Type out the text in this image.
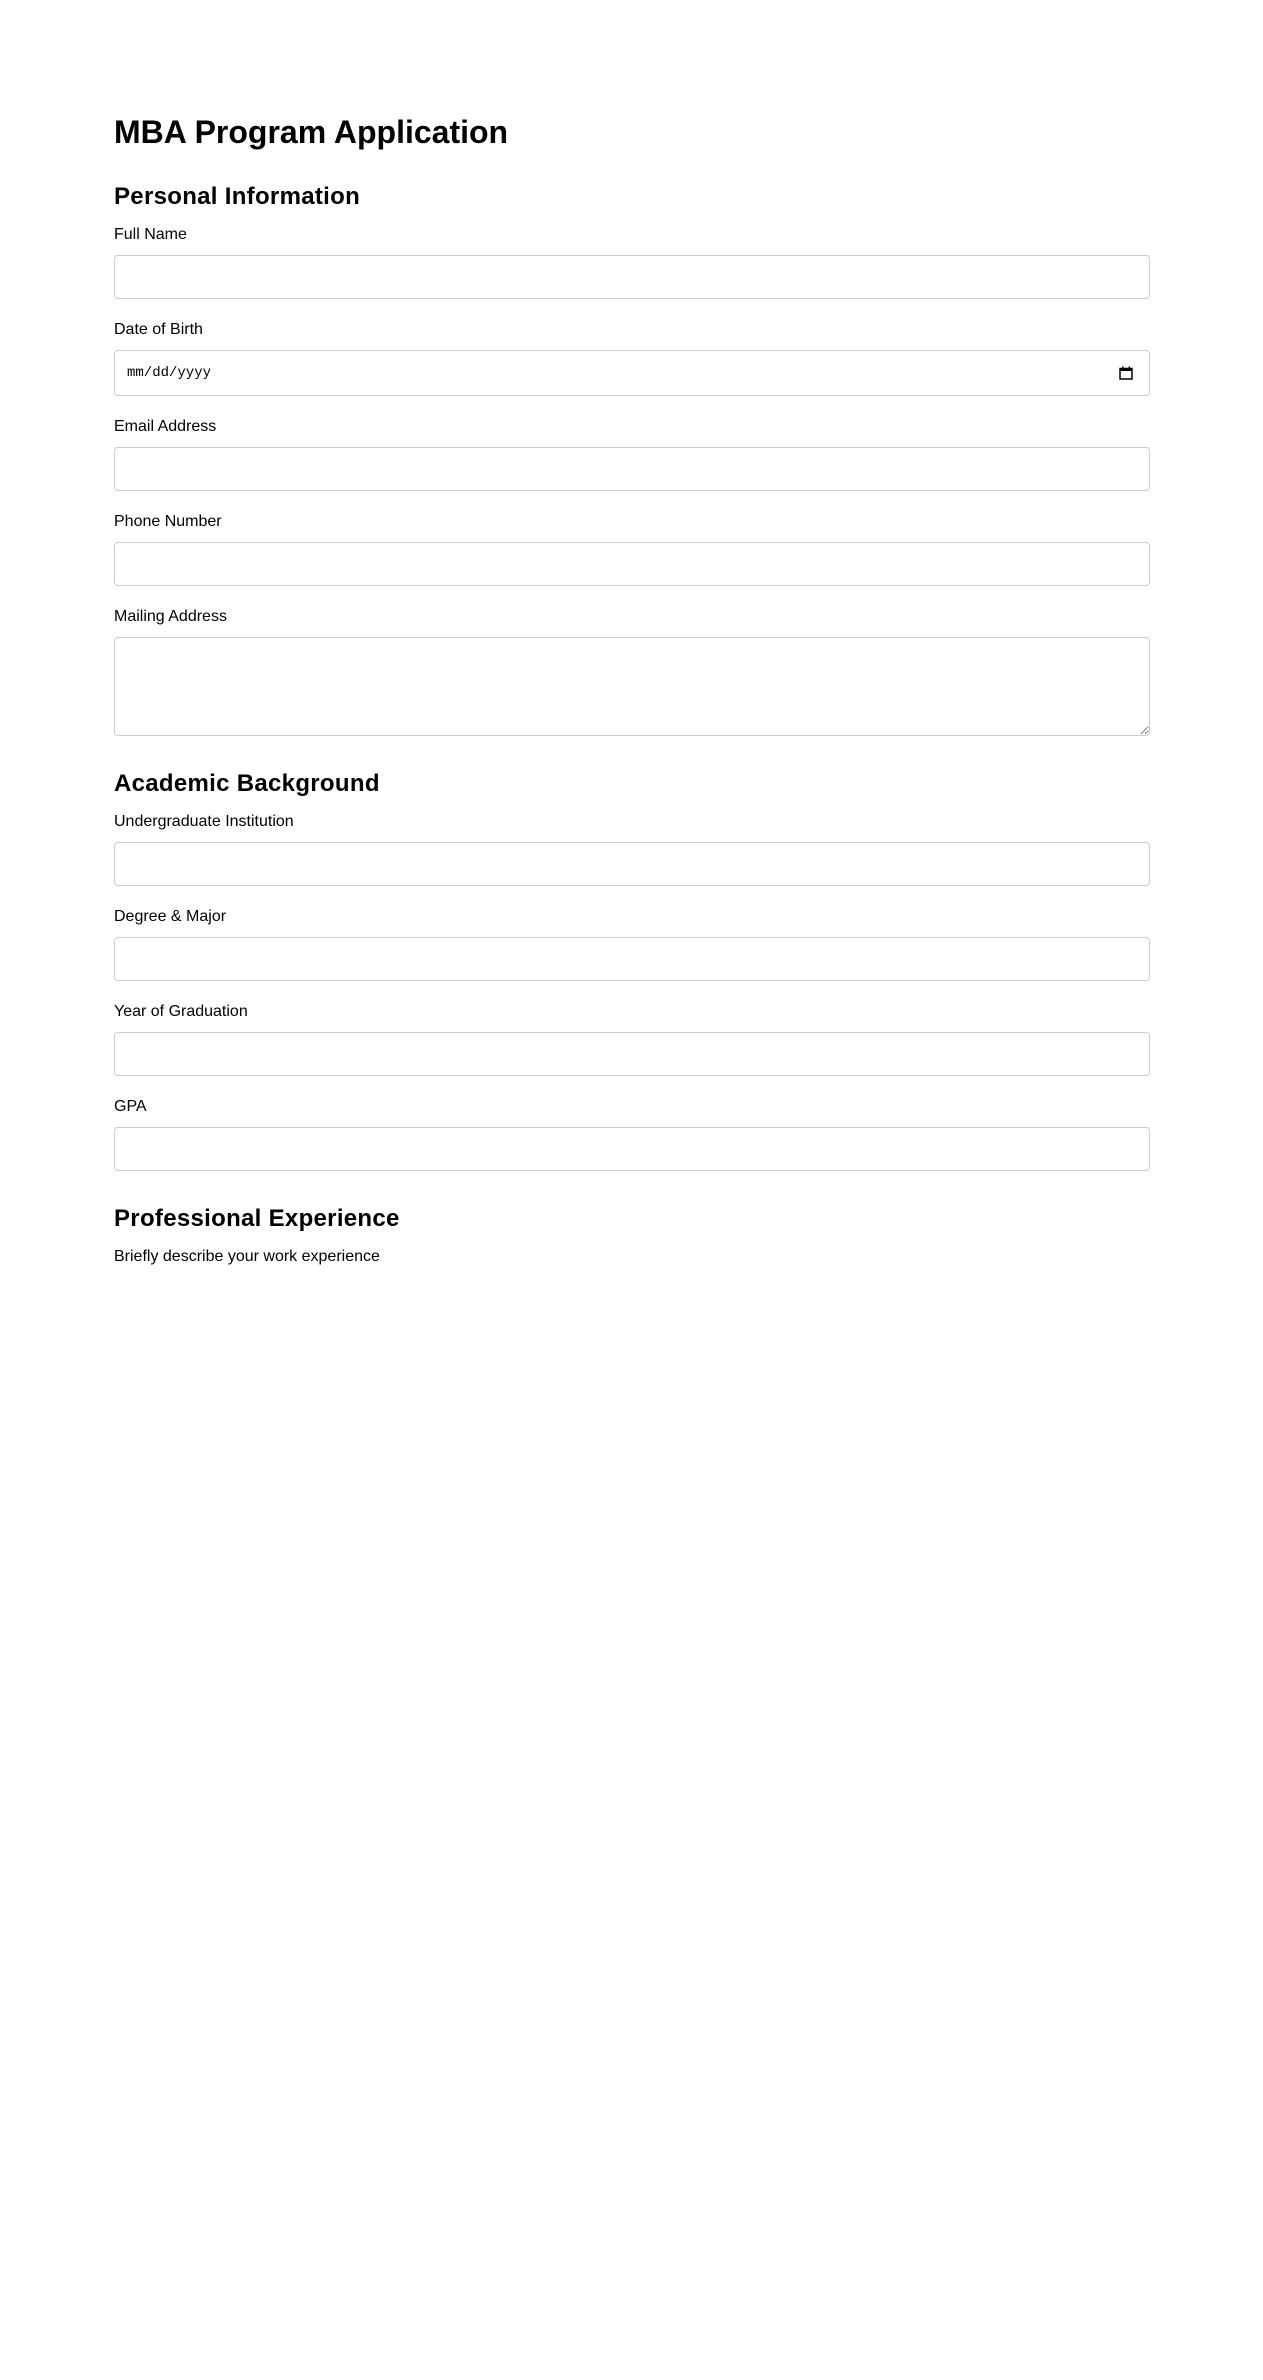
MBA Program Application
Personal Information
Full Name
Date of Birth
mm/dd/yyyy
Email Address
Phone Number
Mailing Address
Academic Background
Undergraduate Institution
Degree & Major
Year of Graduation
GPA
Professional Experience
Briefly describe your work experience
